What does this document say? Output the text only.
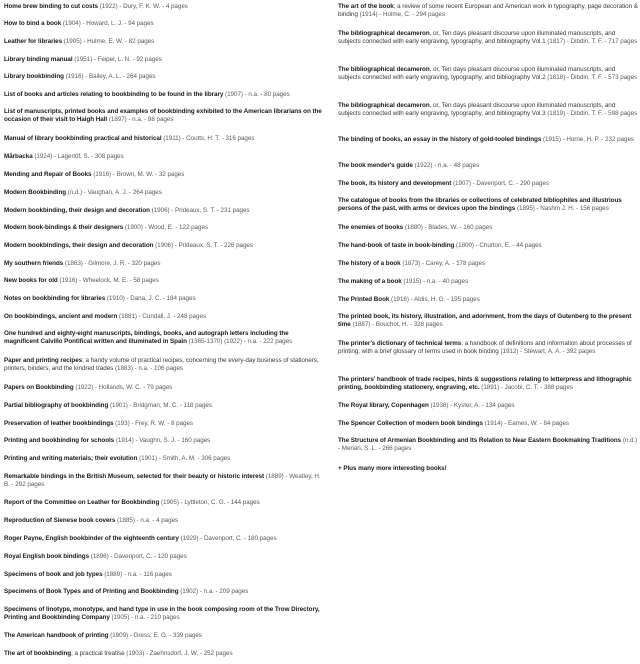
Home brew binding to cut costs (1922) - Dury, F. K. W. - 4 pages
How to bind a book (1904) - Howard, L. J. - 94 pages
Leather for libraries (1905) - Hulme, E. W. - 82 pages
Library binding manual (1951) - Feipel, L. N. - 92 pages
Library bookbinding (1916) - Bailey, A. L. - 264 pages
List of books and articles relating to bookbinding to be found in the library (1907) - n.a. - 80 pages
List of manuscripts, printed books and examples of bookbinding exhibited to the American librarians on the occasion of their visit to Haigh Hall (1897) - n.a. - 88 pages
Manual of library bookbinding practical and historical (1911) - Coutts, H. T. - 316 pages
Mårbacka (1924) - Lagerlöf, S. - 308 pages
Mending and Repair of Books (1916) - Brown, M. W. - 32 pages
Modern Bookbinding (n.d.) - Vaughan, A. J. - 264 pages
Modern bookbinding, their design and decoration (1906) - Prideaux, S. T. - 231 pages
Modern book-bindings & their designers (1900) - Wood, E. - 122 pages
Modern bookbindings, their design and decoration (1906) - Prideaux, S. T. - 226 pages
My southern friends (1863) - Gilmore, J. R. - 320 pages
New books for old (1916) - Wheelock, M. E. - 58 pages
Notes on bookbinding for libraries (1910) - Dana, J. C. - 184 pages
On bookbindings, ancient and modern (1881) - Cundall, J. - 248 pages
One hundred and eighty-eight manuscripts, bindings, books, and autograph letters including the magnificent Calvillo Pontifical written and illuminated in Spain (1365-1370) (1922) - n.a. - 222 pages
Paper and printing recipes; a handy volume of practical recipes, concerning the every-day business of stationers, printers, binders, and the kindred trades (1883) - n.a. - 106 pages
Papers on Bookbinding (1922) - Hollands, W. C. - 79 pages
Partial bibliography of bookbinding (1901) - Bridgman, M. C. - 118 pages
Preservation of leather bookbindings (193) - Frey, R. W. - 8 pages
Printing and bookbinding for schools (1914) - Vaughn, S. J. - 160 pages
Printing and writing materials; their evolution (1901) - Smith, A. M. - 306 pages
Remarkable bindings in the British Museum, selected for their beauty or historic interest (1889) - Weatley, H. B. - 292 pages
Report of the Committee on Leather for Bookbinding (1905) - Lyttleton, C. G. - 144 pages
Reproduction of Sienese book covers (1885) - n.a. - 4 pages
Roger Payne, English bookbinder of the eighteenth century (1929) - Davenport, C. - 180 pages
Royal English book bindings (1896) - Davenport, C. - 120 pages
Specimens of book and job types (1889) - n.a. - 116 pages
Specimens of Book Types and of Printing and Bookbinding (1902) - n.a. - 209 pages
Specimens of linotype, monotype, and hand type in use in the book composing room of the Trow Directory, Printing and Bookbinding Company (1905) - n.a. - 210 pages
The American handbook of printing (1909) - Gress, E. G. - 339 pages
The art of bookbinding; a practical treatise (1903) - Zaehnsdorf, J. W. - 252 pages
The art of the book; a review of some recent European and American work in typography, page decoration & binding (1914) - Holme, C. - 294 pages
The bibliographical decameron, or, Ten days pleasant discourse upon illuminated manuscripts, and subjects connected with early engraving, typography, and bibliography Vol.1 (1817) - Dibdin, T. F. - 717 pages
The bibliographical decameron, or, Ten days pleasant discourse upon illuminated manuscripts, and subjects connected with early engraving, typography, and bibliography Vol.2 (1818) - Dibdin, T. F. - 573 pages
The bibliographical decameron, or, Ten days pleasant discourse upon illuminated manuscripts, and subjects connected with early engraving, typography, and bibliography Vol.3 (1819) - Dibdin, T. F. - 598 pages
The binding of books, an essay in the history of gold-tooled bindings (1915) - Horne, H. P. - 232 pages
The book mender's guide (1922) - n.a. - 48 pages
The book, its history and development (1907) - Davenport, C. - 290 pages
The catalogue of books from the libraries or collections of celebrated bibliophiles and illustrious persons of the past, with arms or devices upon the bindings (1895) - Nashm J. H. - 156 pages
The enemies of books (1880) - Blades, W. - 160 pages
The hand-book of taste in book-binding (1800) - Churton, E. - 44 pages
The history of a book (1873) - Carey, A. - 178 pages
The making of a book (1915) - n.a. - 40 pages
The Printed Book (1916) - Aldis, H. G. - 195 pages
The printed book, its history, illustration, and adornment, from the days of Gutenberg to the present time (1887) - Bouchot, H. - 328 pages
The printer's dictionary of technical terms; a handbook of definitions and information about processes of printing; with a brief glossary of terms used in book binding (1912) - Stewart, A. A. - 392 pages
The printers' handbook of trade recipes, hints & suggestions relating to letterpress and lithographic printing, bookbinding stationery, engraving, etc. (1891) - Jacobi, C. T. - 388 pages
The Royal library, Copenhagen (1938) - Kyster, A. - 134 pages
The Spencer Collection of modern book bindings (1914) - Eames, W. - 84 pages
The Structure of Armenian Bookbinding and Its Relation to Near Eastern Bookmaking Traditions (n.d.) - Merian, S. L. - 266 pages
+ Plus many more interesting books!
